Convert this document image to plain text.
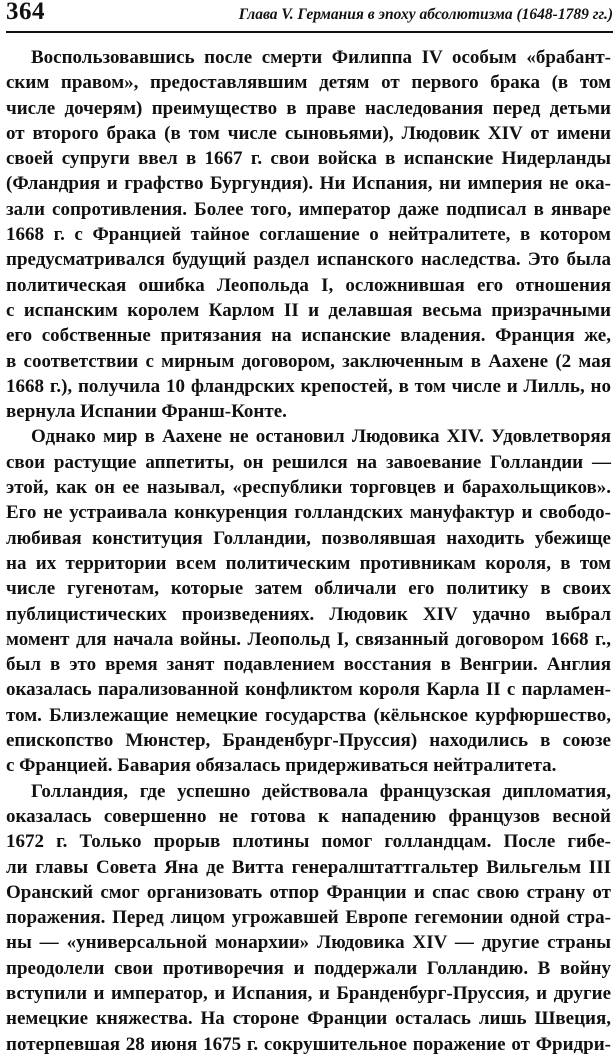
364	Глава V. Германия в эпоху абсолютизма (1648-1789 гг.)
Воспользовавшись после смерти Филиппа IV особым «брабант-
ским правом», предоставлявшим детям от первого брака (в том
числе дочерям) преимущество в праве наследования перед детьми
от второго брака (в том числе сыновьями), Людовик XIV от имени
своей супруги ввел в 1667 г. свои войска в испанские Нидерланды
(Фландрия и графство Бургундия). Ни Испания, ни империя не ока-
зали сопротивления. Более того, император даже подписал в январе
1668 г. с Францией тайное соглашение о нейтралитете, в котором
предусматривался будущий раздел испанского наследства. Это была
политическая ошибка Леопольда I, осложнившая его отношения
с испанским королем Карлом II и делавшая весьма призрачными
его собственные притязания на испанские владения. Франция же,
в соответствии с мирным договором, заключенным в Аахене (2 мая
1668 г.), получила 10 фландрских крепостей, в том числе и Лилль, но
вернула Испании Франш-Конте.
Однако мир в Аахене не остановил Людовика XIV. Удовлетворяя
свои растущие аппетиты, он решился на завоевание Голландии —
этой, как он ее называл, «республики торговцев и барахольщиков».
Его не устраивала конкуренция голландских мануфактур и свободо-
любивая конституция Голландии, позволявшая находить убежище
на их территории всем политическим противникам короля, в том
числе гугенотам, которые затем обличали его политику в своих
публицистических произведениях. Людовик XIV удачно выбрал
момент для начала войны. Леопольд I, связанный договором 1668 г.,
был в это время занят подавлением восстания в Венгрии. Англия
оказалась парализованной конфликтом короля Карла II с парламен-
том. Близлежащие немецкие государства (кёльнское курфюршество,
епископство Мюнстер, Бранденбург-Пруссия) находились в союзе
с Францией. Бавария обязалась придерживаться нейтралитета.
Голландия, где успешно действовала французская дипломатия,
оказалась совершенно не готова к нападению французов весной
1672 г. Только прорыв плотины помог голландцам. После гибе-
ли главы Совета Яна де Витта генералштаттгальтер Вильгельм III
Оранский смог организовать отпор Франции и спас свою страну от
поражения. Перед лицом угрожавшей Европе гегемонии одной стра-
ны — «универсальной монархии» Людовика XIV — другие страны
преодолели свои противоречия и поддержали Голландию. В войну
вступили и император, и Испания, и Бранденбург-Пруссия, и другие
немецкие княжества. На стороне Франции осталась лишь Швеция,
потерпевшая 28 июня 1675 г. сокрушительное поражение от Фридри-
